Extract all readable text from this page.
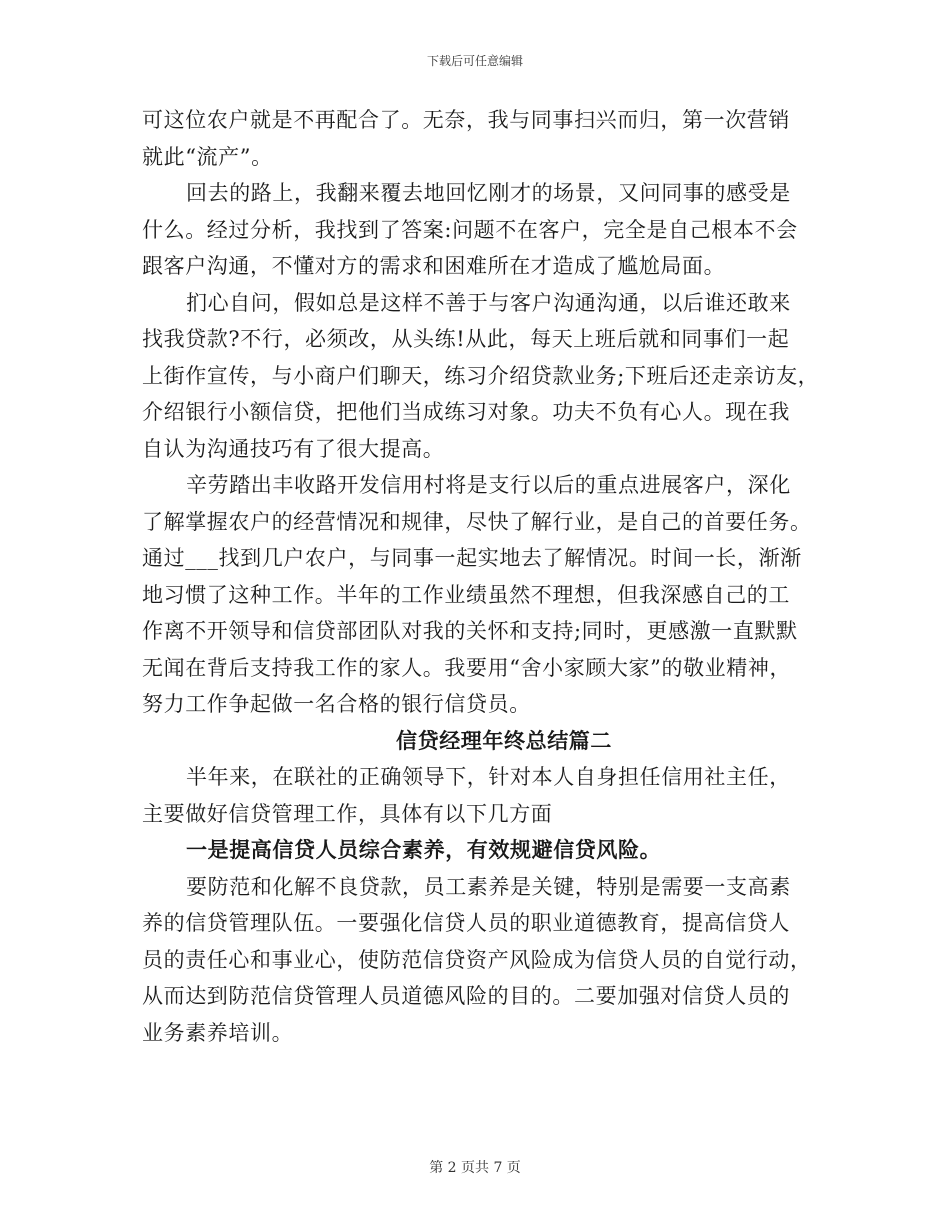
下载后可任意编辑
可这位农户就是不再配合了。无奈，我与同事扫兴而归，第一次营销
就此“流产”。
回去的路上，我翻来覆去地回忆刚才的场景，又问同事的感受是
什么。经过分析，我找到了答案:问题不在客户，完全是自己根本不会
跟客户沟通，不懂对方的需求和困难所在才造成了尴尬局面。
扪心自问，假如总是这样不善于与客户沟通沟通，以后谁还敢来
找我贷款?不行，必须改，从头练!从此，每天上班后就和同事们一起
上街作宣传，与小商户们聊天，练习介绍贷款业务;下班后还走亲访友，
介绍银行小额信贷，把他们当成练习对象。功夫不负有心人。现在我
自认为沟通技巧有了很大提高。
辛劳踏出丰收路开发信用村将是支行以后的重点进展客户，深化
了解掌握农户的经营情况和规律，尽快了解行业，是自己的首要任务。
通过___找到几户农户，与同事一起实地去了解情况。时间一长，渐渐
地习惯了这种工作。半年的工作业绩虽然不理想，但我深感自己的工
作离不开领导和信贷部团队对我的关怀和支持;同时，更感激一直默默
无闻在背后支持我工作的家人。我要用“舍小家顾大家”的敬业精神，
努力工作争起做一名合格的银行信贷员。
信贷经理年终总结篇二
半年来，在联社的正确领导下，针对本人自身担任信用社主任，
主要做好信贷管理工作，具体有以下几方面
一是提高信贷人员综合素养，有效规避信贷风险。
要防范和化解不良贷款，员工素养是关键，特别是需要一支高素
养的信贷管理队伍。一要强化信贷人员的职业道德教育，提高信贷人
员的责任心和事业心，使防范信贷资产风险成为信贷人员的自觉行动，
从而达到防范信贷管理人员道德风险的目的。二要加强对信贷人员的
业务素养培训。
第 2 页共 7 页
